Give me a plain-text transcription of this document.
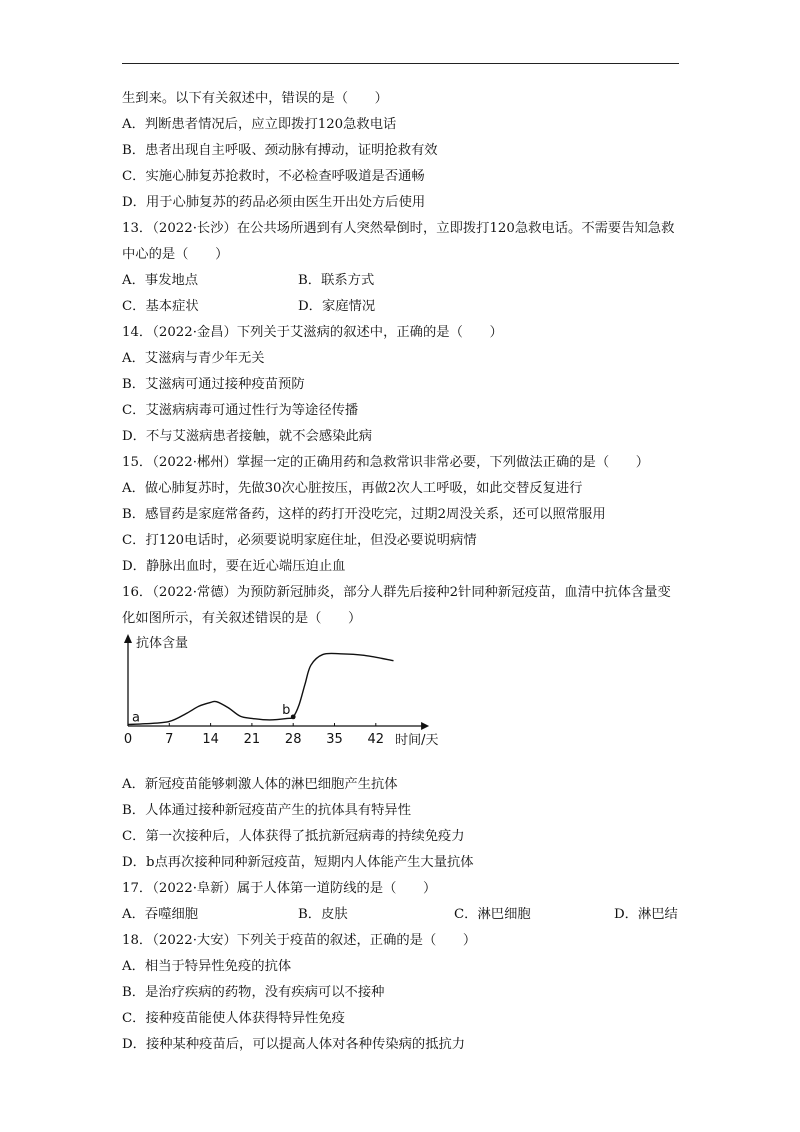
生到来。以下有关叙述中，错误的是（　　）
A．判断患者情况后，应立即拨打120急救电话
B．患者出现自主呼吸、颈动脉有搏动，证明抢救有效
C．实施心肺复苏抢救时，不必检查呼吸道是否通畅
D．用于心肺复苏的药品必须由医生开出处方后使用
13．（2022·长沙）在公共场所遇到有人突然晕倒时，立即拨打120急救电话。不需要告知急救中心的是（　　）
A．事发地点	B．联系方式
C．基本症状	D．家庭情况
14．（2022·金昌）下列关于艾滋病的叙述中，正确的是（　　）
A．艾滋病与青少年无关
B．艾滋病可通过接种疫苗预防
C．艾滋病病毒可通过性行为等途径传播
D．不与艾滋病患者接触，就不会感染此病
15．（2022·郴州）掌握一定的正确用药和急救常识非常必要，下列做法正确的是（　　）
A．做心肺复苏时，先做30次心脏按压，再做2次人工呼吸，如此交替反复进行
B．感冒药是家庭常备药，这样的药打开没吃完，过期2周没关系，还可以照常服用
C．打120电话时，必须要说明家庭住址，但没必要说明病情
D．静脉出血时，要在近心端压迫止血
16．（2022·常德）为预防新冠肺炎，部分人群先后接种2针同种新冠疫苗，血清中抗体含量变化如图所示，有关叙述错误的是（　　）
0	7 14 21 28 35 42
抗体含量
时间/天
a
b
A．新冠疫苗能够刺激人体的淋巴细胞产生抗体
B．人体通过接种新冠疫苗产生的抗体具有特异性
C．第一次接种后，人体获得了抵抗新冠病毒的持续免疫力
D．b点再次接种同种新冠疫苗，短期内人体能产生大量抗体
17．（2022·阜新）属于人体第一道防线的是（　　）
A．吞噬细胞	B．皮肤	C．淋巴细胞	D．淋巴结
18．（2022·大安）下列关于疫苗的叙述，正确的是（　　）
A．相当于特异性免疫的抗体
B．是治疗疾病的药物，没有疾病可以不接种
C．接种疫苗能使人体获得特异性免疫
D．接种某种疫苗后，可以提高人体对各种传染病的抵抗力
